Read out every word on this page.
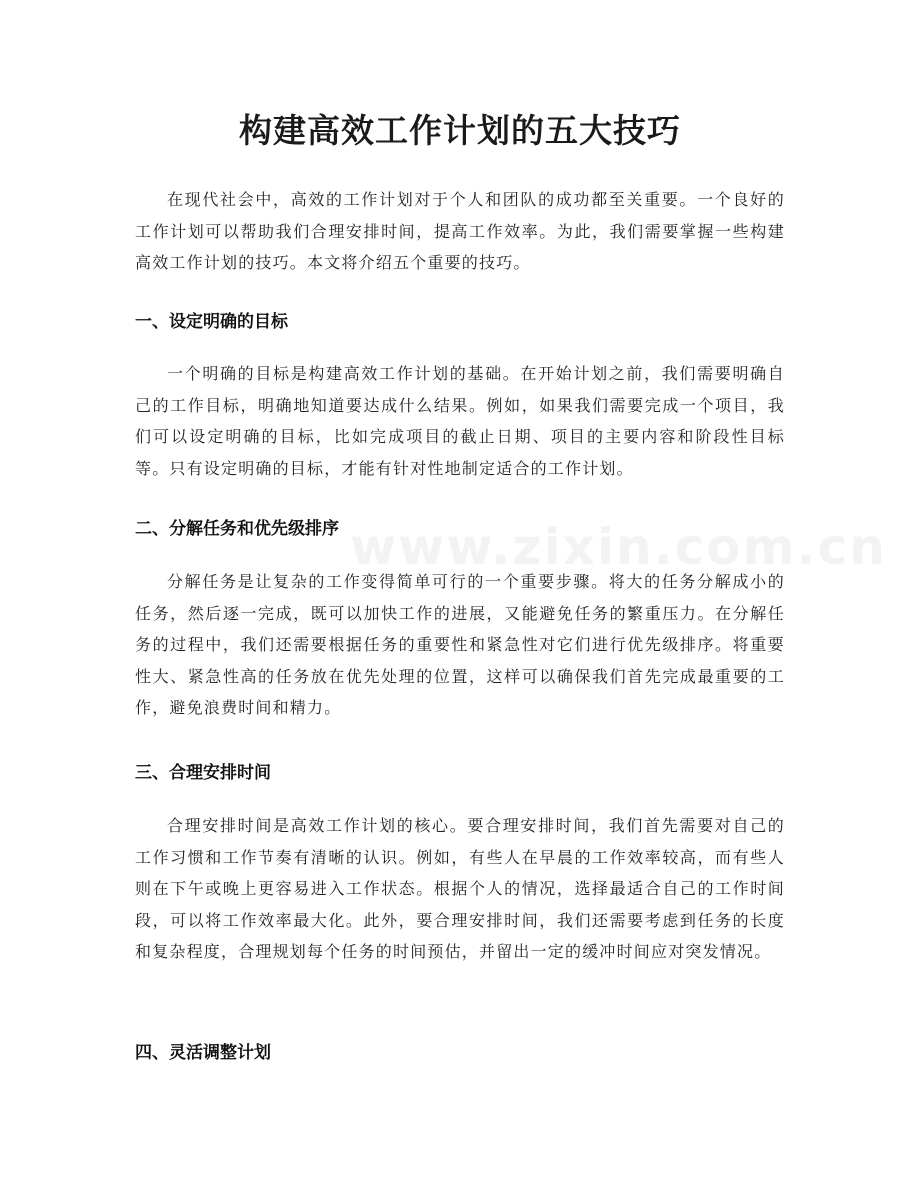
构建高效工作计划的五大技巧

在现代社会中，高效的工作计划对于个人和团队的成功都至关重要。一个良好的工作计划可以帮助我们合理安排时间，提高工作效率。为此，我们需要掌握一些构建高效工作计划的技巧。本文将介绍五个重要的技巧。

一、设定明确的目标

一个明确的目标是构建高效工作计划的基础。在开始计划之前，我们需要明确自己的工作目标，明确地知道要达成什么结果。例如，如果我们需要完成一个项目，我们可以设定明确的目标，比如完成项目的截止日期、项目的主要内容和阶段性目标等。只有设定明确的目标，才能有针对性地制定适合的工作计划。

二、分解任务和优先级排序

分解任务是让复杂的工作变得简单可行的一个重要步骤。将大的任务分解成小的任务，然后逐一完成，既可以加快工作的进展，又能避免任务的繁重压力。在分解任务的过程中，我们还需要根据任务的重要性和紧急性对它们进行优先级排序。将重要性大、紧急性高的任务放在优先处理的位置，这样可以确保我们首先完成最重要的工作，避免浪费时间和精力。

三、合理安排时间

合理安排时间是高效工作计划的核心。要合理安排时间，我们首先需要对自己的工作习惯和工作节奏有清晰的认识。例如，有些人在早晨的工作效率较高，而有些人则在下午或晚上更容易进入工作状态。根据个人的情况，选择最适合自己的工作时间段，可以将工作效率最大化。此外，要合理安排时间，我们还需要考虑到任务的长度和复杂程度，合理规划每个任务的时间预估，并留出一定的缓冲时间应对突发情况。

四、灵活调整计划
www.zixin.com.cn
